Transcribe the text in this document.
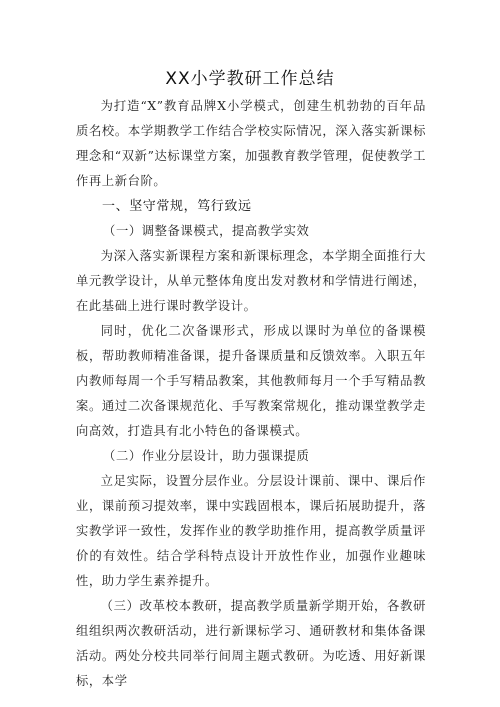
XX小学教研工作总结

为打造“X”教育品牌X小学模式，创建生机勃勃的百年品质名校。本学期教学工作结合学校实际情况，深入落实新课标理念和“双新”达标课堂方案，加强教育教学管理，促使教学工作再上新台阶。

一、坚守常规，笃行致远

（一）调整备课模式，提高教学实效

为深入落实新课程方案和新课标理念，本学期全面推行大单元教学设计，从单元整体角度出发对教材和学情进行阐述，在此基础上进行课时教学设计。

同时，优化二次备课形式，形成以课时为单位的备课模板，帮助教师精准备课，提升备课质量和反馈效率。入职五年内教师每周一个手写精品教案，其他教师每月一个手写精品教案。通过二次备课规范化、手写教案常规化，推动课堂教学走向高效，打造具有北小特色的备课模式。

（二）作业分层设计，助力强课提质

立足实际，设置分层作业。分层设计课前、课中、课后作业，课前预习提效率，课中实践固根本，课后拓展助提升，落实教学评一致性，发挥作业的教学助推作用，提高教学质量评价的有效性。结合学科特点设计开放性作业，加强作业趣味性，助力学生素养提升。

（三）改革校本教研，提高教学质量新学期开始，各教研组组织两次教研活动，进行新课标学习、通研教材和集体备课活动。两处分校共同举行间周主题式教研。为吃透、用好新课标，本学
